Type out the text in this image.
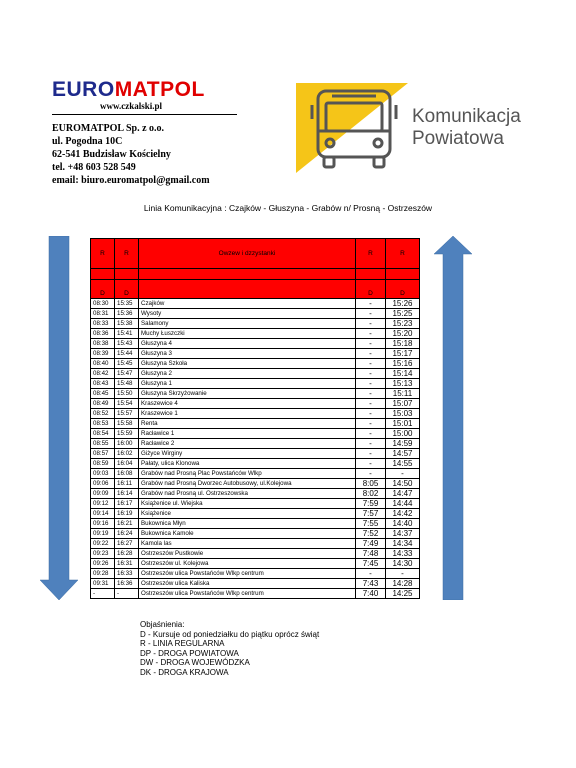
EUROMATPOL
www.czkalski.pl
EUROMATPOL Sp. z o.o.
ul. Pogodna 10C
62-541 Budzisław Kościelny
tel. +48 603 528 549
email: biuro.euromatpol@gmail.com
Komunikacja
Powiatowa
Linia Komunikacyjna : Czajków - Głuszyna - Grabów n/ Prosną - Ostrzeszów
R	R	Owzew i dzzystanki	R	R

D	D		D	D
08:30	15:35	Czajków	-	15:26
08:31	15:36	Wysoty	-	15:25
08:33	15:38	Salamony	-	15:23
08:36	15:41	Muchy Łuszczki	-	15:20
08:38	15:43	Głuszyna 4	-	15:18
08:39	15:44	Głuszyna 3	-	15:17
08:40	15:45	Głuszyna Szkoła	-	15:16
08:42	15:47	Głuszyna 2	-	15:14
08:43	15:48	Głuszyna 1	-	15:13
08:45	15:50	Głuszyna Skrzyżowanie	-	15:11
08:49	15:54	Kraszewice 4	-	15:07
08:52	15:57	Kraszewice 1	-	15:03
08:53	15:58	Renta	-	15:01
08:54	15:59	Racławice 1	-	15:00
08:55	16:00	Racławice 2	-	14:59
08:57	16:02	Giżyce Wirginy	-	14:57
08:59	16:04	Pałaty, ulica Klonowa	-	14:55
09:03	16:08	Grabów nad Prosną Plac Powstańców Wlkp	-	-
09:06	16:11	Grabów nad Prosną Dworzec Autobusowy, ul.Kolejowa	8:05	14:50
09:09	16:14	Grabów nad Prosną ul. Ostrzeszowska	8:02	14:47
09:12	16:17	Książenice ul. Wiejska	7:59	14:44
09:14	16:19	Książenice	7:57	14:42
09:16	16:21	Bukownica Młyn	7:55	14:40
09:19	16:24	Bukownica Kamole	7:52	14:37
09:22	16:27	Kamola las	7:49	14:34
09:23	16:28	Ostrzeszów Pustkowie	7:48	14:33
09:26	16:31	Ostrzeszów ul. Kolejowa	7:45	14:30
09:28	16:33	Ostrzeszów ulica Powstańców Wlkp centrum	-	-
09:31	16:36	Ostrzeszów ulica Kaliska	7:43	14:28
-	-	Ostrzeszów ulica Powstańców Wlkp centrum	7:40	14:25
Objaśnienia:
D - Kursuje od poniedziałku do piątku oprócz świąt
R - LINIA REGULARNA
DP - DROGA POWIATOWA
DW - DROGA WOJEWÓDZKA
DK - DROGA KRAJOWA
